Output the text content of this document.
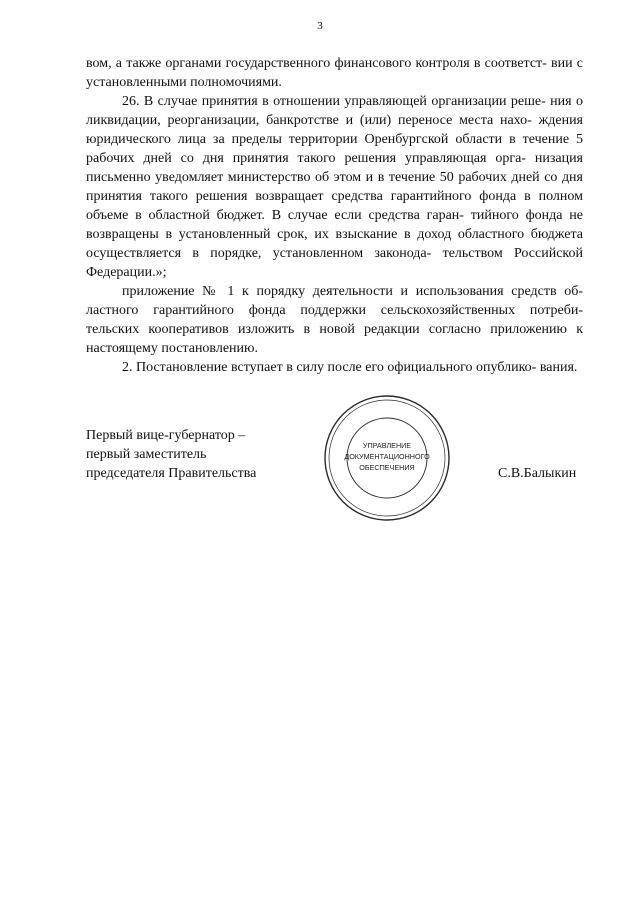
3

вом, а также органами государственного финансового контроля в соответст- вии с установленными полномочиями.

26. В случае принятия в отношении управляющей организации реше- ния о ликвидации, реорганизации, банкротстве и (или) переносе места нахо- ждения юридического лица за пределы территории Оренбургской области в течение 5 рабочих дней со дня принятия такого решения управляющая орга- низация письменно уведомляет министерство об этом и в течение 50 рабочих дней со дня принятия такого решения возвращает средства гарантийного фонда в полном объеме в областной бюджет. В случае если средства гаран- тийного фонда не возвращены в установленный срок, их взыскание в доход областного бюджета осуществляется в порядке, установленном законода- тельством Российской Федерации.»;

приложение № 1 к порядку деятельности и использования средств об- ластного гарантийного фонда поддержки сельскохозяйственных потреби- тельских кооперативов изложить в новой редакции согласно приложению к настоящему постановлению.

2. Постановление вступает в силу после его официального опублико- вания.

Первый вице-губернатор –
первый заместитель
председателя Правительства
УПРАВЛЕНИЕ
ДОКУМЕНТАЦИОННОГО
ОБЕСПЕЧЕНИЯ	С.В.Балыкин
